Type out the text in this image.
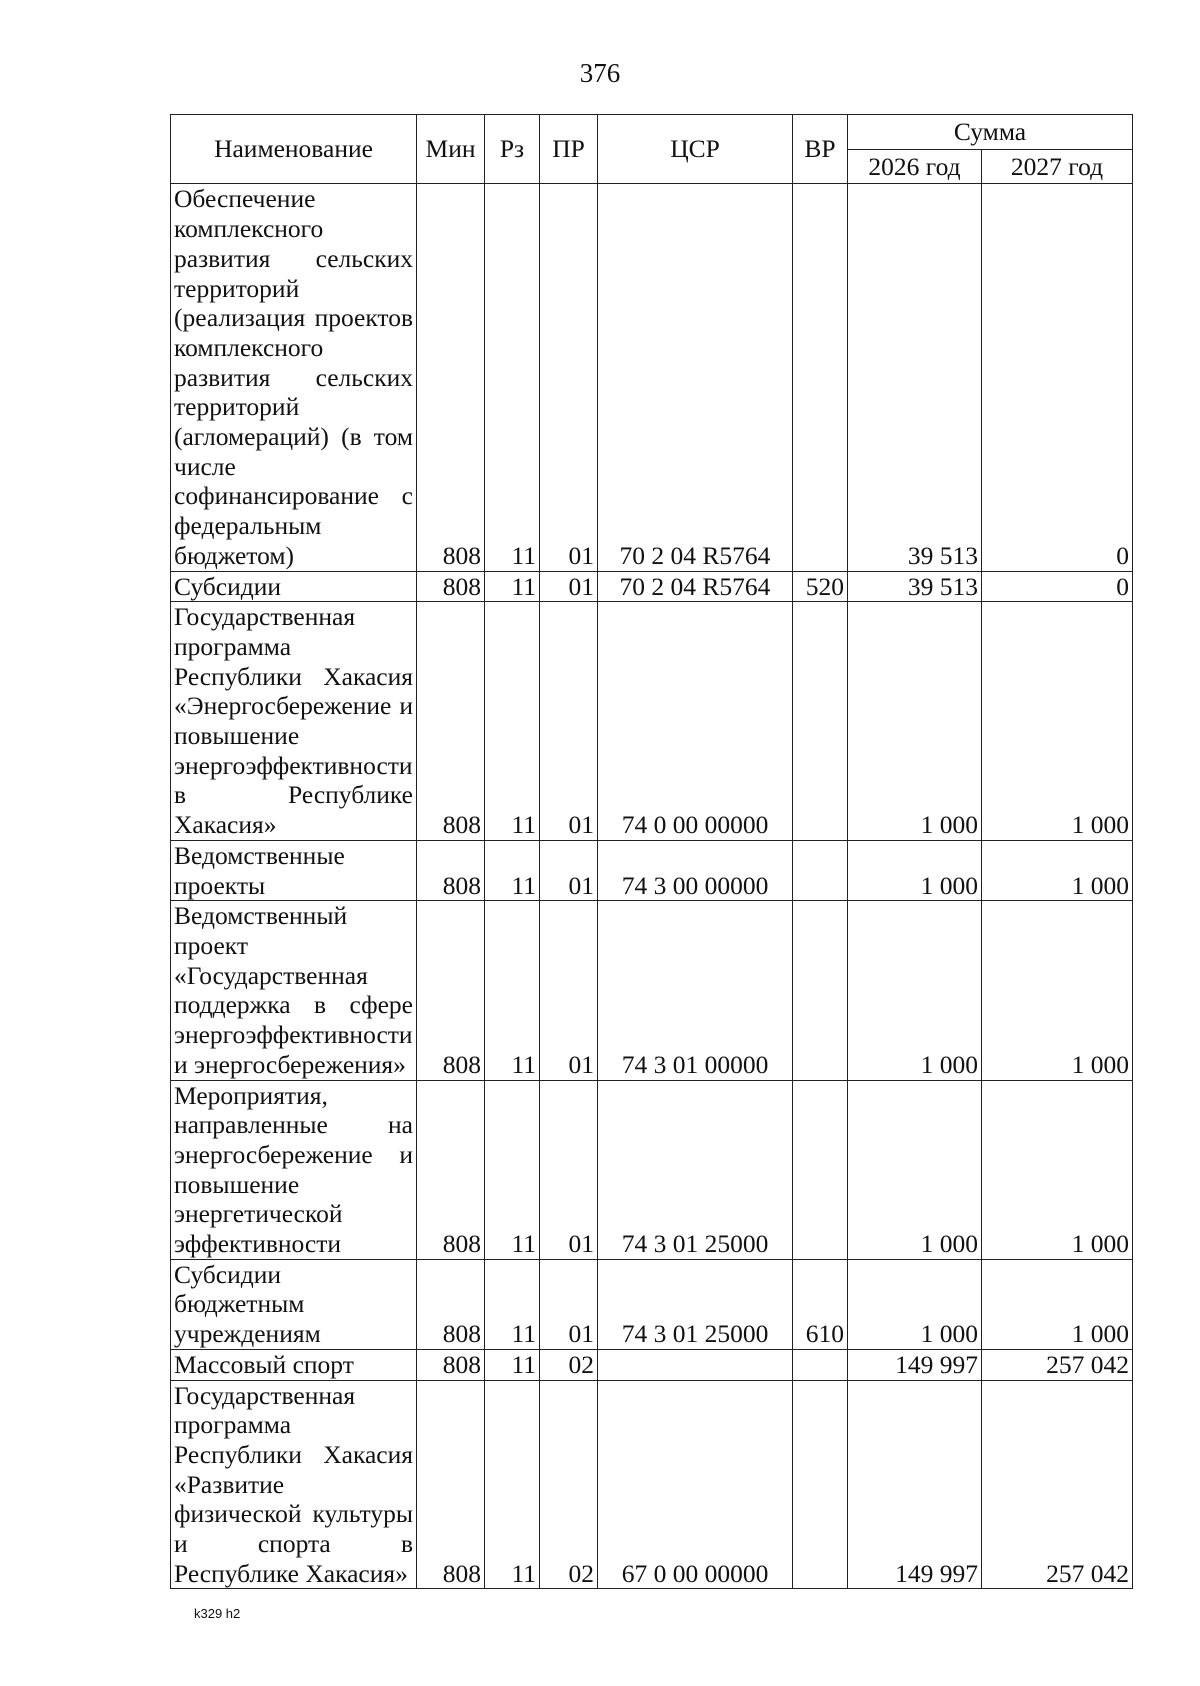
376
Наименование	Мин	Рз	ПР	ЦСР	ВР	Сумма	
						2026 год	2027 год
Обеспечение комплексного развития сельских территорий (реализация проектов комплексного развития сельских территорий (агломераций) (в том числе софинансирование с федеральным бюджетом)	808	11	01	70 2 04 R5764		39 513	0
Субсидии	808	11	01	70 2 04 R5764	520	39 513	0
Государственная программа Республики Хакасия «Энергосбережение и повышение энергоэффективности в Республике Хакасия»	808	11	01	74 0 00 00000		1 000	1 000
Ведомственные проекты	808	11	01	74 3 00 00000		1 000	1 000
Ведомственный проект «Государственная поддержка в сфере энергоэффективности и энергосбережения»	808	11	01	74 3 01 00000		1 000	1 000
Мероприятия, направленные на энергосбережение и повышение энергетической эффективности	808	11	01	74 3 01 25000		1 000	1 000
Субсидии бюджетным учреждениям	808	11	01	74 3 01 25000	610	1 000	1 000
Массовый спорт	808	11	02			149 997	257 042
Государственная программа Республики Хакасия «Развитие физической культуры и спорта в Республике Хакасия»	808	11	02	67 0 00 00000		149 997	257 042
k329 h2
